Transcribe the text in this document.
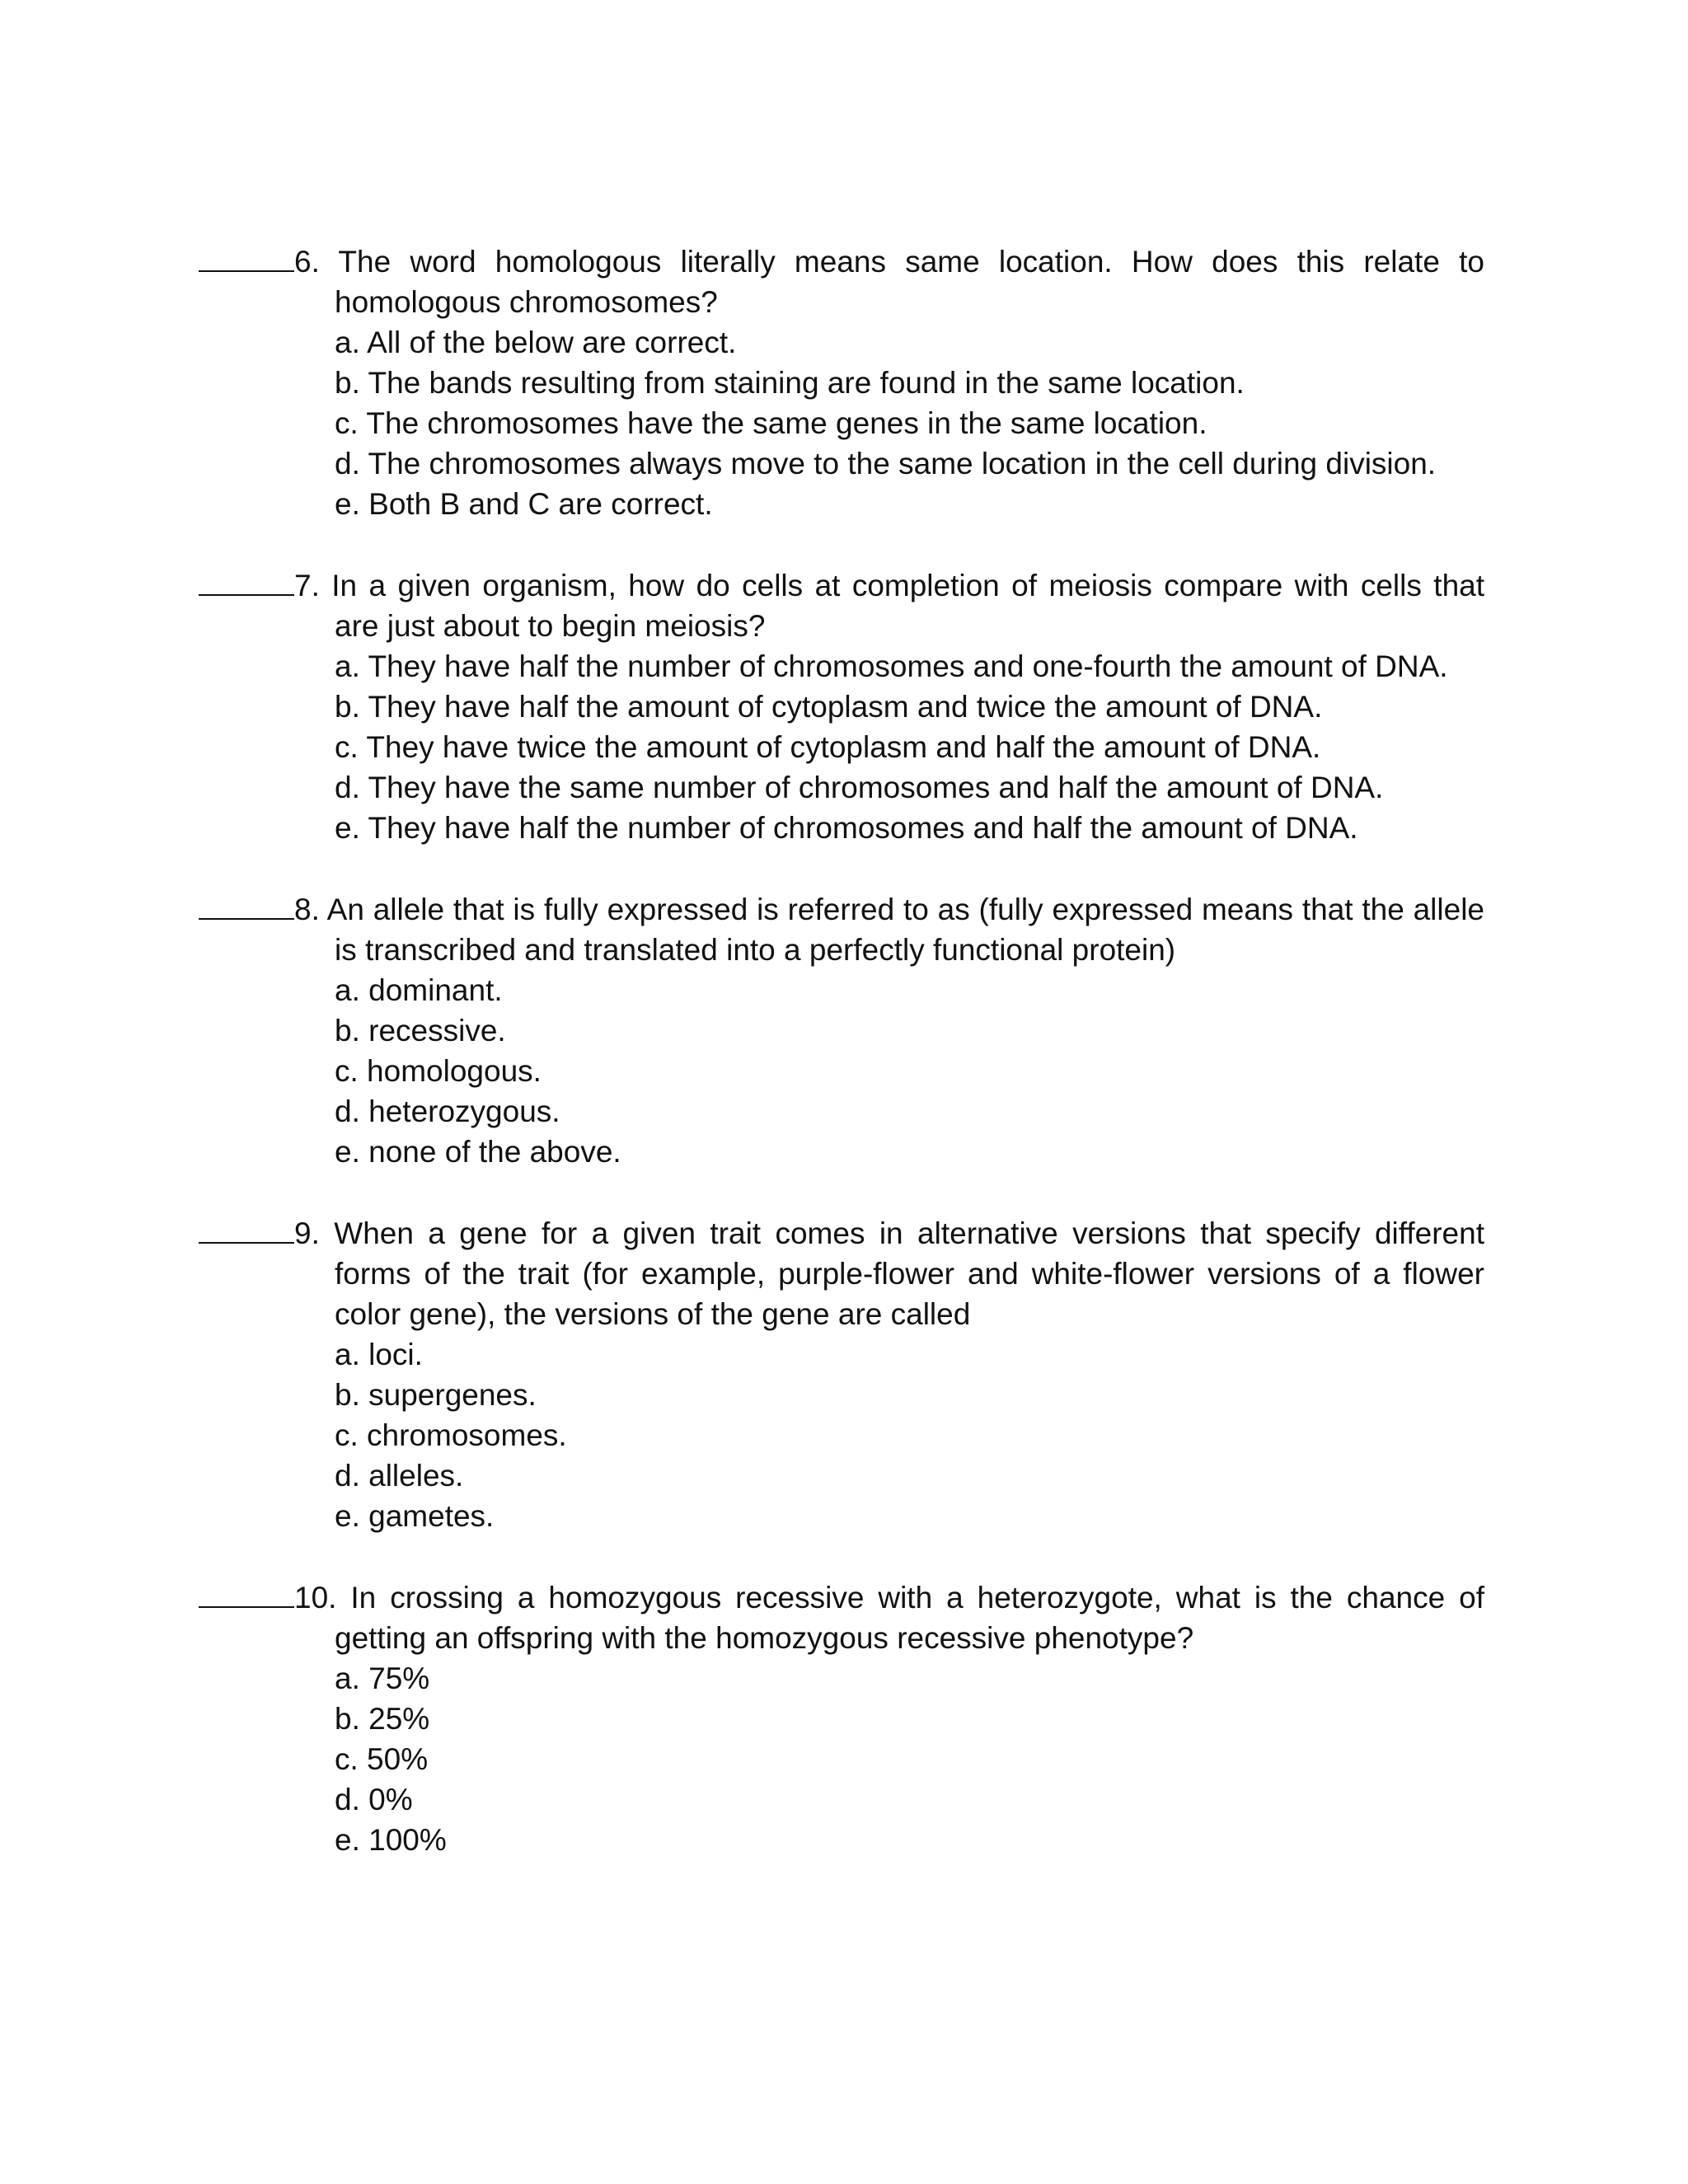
6. The word homologous literally means same location. How does this relate to homologous chromosomes?

a. All of the below are correct.
b. The bands resulting from staining are found in the same location.
c. The chromosomes have the same genes in the same location.
d. The chromosomes always move to the same location in the cell during division.
e. Both B and C are correct.

7. In a given organism, how do cells at completion of meiosis compare with cells that are just about to begin meiosis?

a. They have half the number of chromosomes and one-fourth the amount of DNA.
b. They have half the amount of cytoplasm and twice the amount of DNA.
c. They have twice the amount of cytoplasm and half the amount of DNA.
d. They have the same number of chromosomes and half the amount of DNA.
e. They have half the number of chromosomes and half the amount of DNA.

8. An allele that is fully expressed is referred to as (fully expressed means that the allele is transcribed and translated into a perfectly functional protein)

a. dominant.
b. recessive.
c. homologous.
d. heterozygous.
e. none of the above.

9. When a gene for a given trait comes in alternative versions that specify different forms of the trait (for example, purple-flower and white-flower versions of a flower color gene), the versions of the gene are called

a. loci.
b. supergenes.
c. chromosomes.
d. alleles.
e. gametes.

10. In crossing a homozygous recessive with a heterozygote, what is the chance of getting an offspring with the homozygous recessive phenotype?

a. 75%
b. 25%
c. 50%
d. 0%
e. 100%
